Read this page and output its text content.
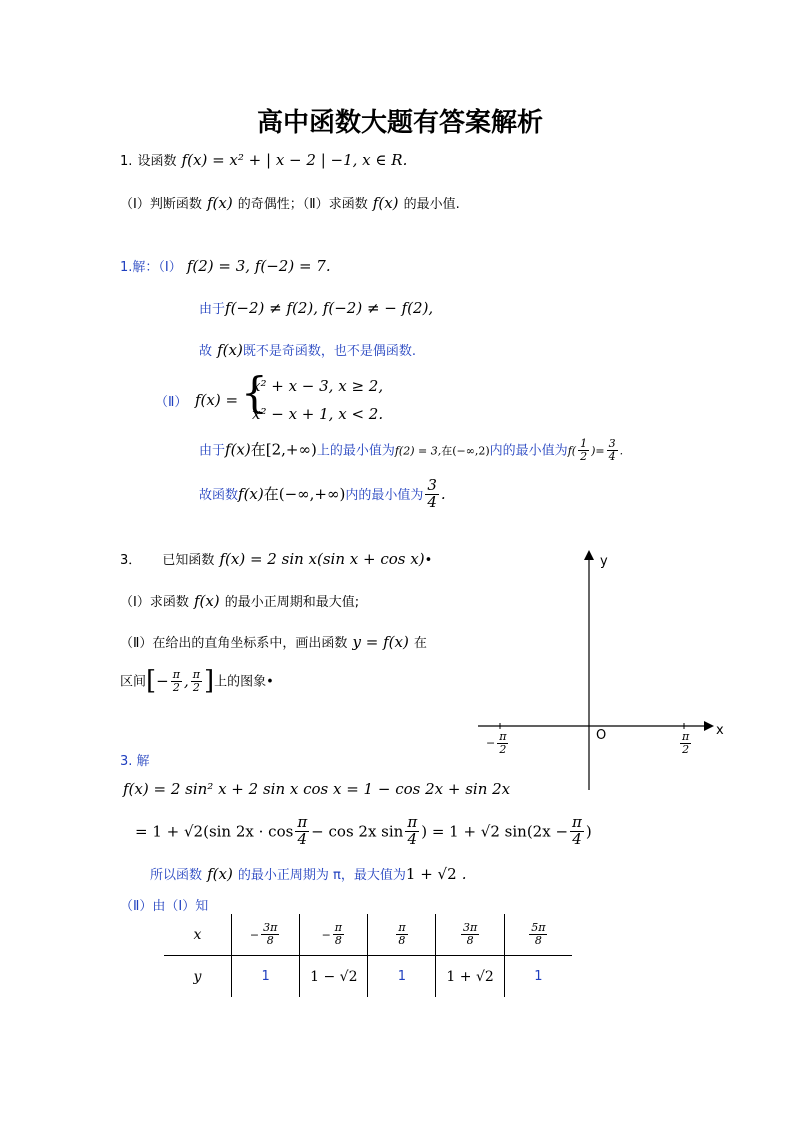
高中函数大题有答案解析
1. 设函数 f(x) = x² + | x − 2 | −1, x ∈ R.
（Ⅰ）判断函数 f(x) 的奇偶性；（Ⅱ）求函数 f(x) 的最小值.
1.解：（Ⅰ） f(2) = 3, f(−2) = 7.
由于f(−2) ≠ f(2), f(−2) ≠ − f(2),
故 f(x)既不是奇函数，也不是偶函数.
（Ⅱ） f(x) = {
x² + x − 3, x ≥ 2,
x² − x + 1, x < 2.
由于f(x)在[2,+∞)上的最小值为f(2) = 3,在(−∞,2)内的最小值为$f( \frac{1}{2}$ )= $\frac{3}{4}$ .
故函数f(x)在(−∞,+∞)内的最小值为 $\frac{3}{4}$ .
3． 已知函数 f(x) = 2 sin x(sin x + cos x)•
（Ⅰ）求函数 f(x) 的最小正周期和最大值;
（Ⅱ）在给出的直角坐标系中，画出函数 y = f(x) 在
区间[− $\frac{\pi}{2}$ , $\frac{\pi}{2}$ ]上的图象•
y
x
O
− $\frac{\pi}{2}$	$\frac{\pi}{2}$
3. 解
f(x) = 2 sin² x + 2 sin x cos x = 1 − cos 2x + sin 2x
= 1 + √2(sin $2x \cdot \cos \frac{\pi}{4} - \cos 2x$ $\sin \frac{\pi}{4}$ ) = 1 + √2 $\sin(2x - \frac{\pi}{4}$ )
所以函数 f(x) 的最小正周期为 π，最大值为1 + √2 .
（Ⅱ）由（Ⅰ）知
x	− $\frac{3\pi}{8}$	− $\frac{\pi}{8}$	$\frac{\pi}{8}$	$\frac{3\pi}{8}$	$\frac{5\pi}{8}$

y	1	1 − √2	1	1 + √2	1
